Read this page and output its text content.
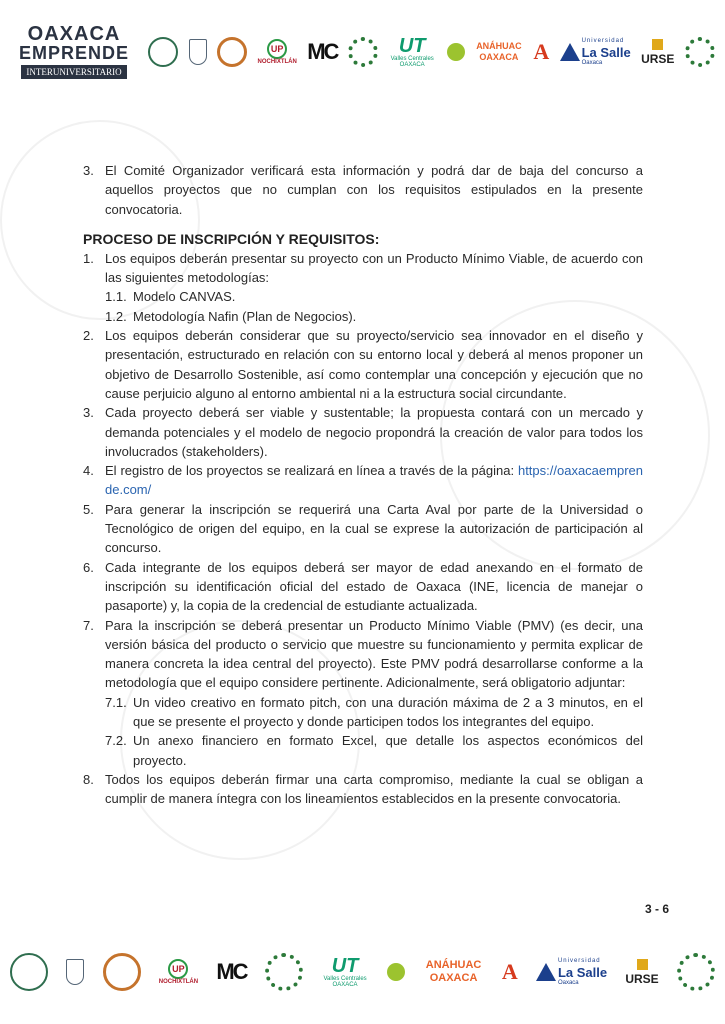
OAXACA
EMPRENDE
INTERUNIVERSITARIO
UP
NOCHIXTLÁN MC	UT
Valles Centrales OAXACA
ANÁHUAC OAXACA A	Universidad
La Salle
Oaxaca	URSE
3. El Comité Organizador verificará esta información y podrá dar de baja del concurso a aquellos proyectos que no cumplan con los requisitos estipulados en la presente convocatoria.
PROCESO DE INSCRIPCIÓN Y REQUISITOS:
1. Los equipos deberán presentar su proyecto con un Producto Mínimo Viable, de acuerdo con las siguientes metodologías:
1.1. Modelo CANVAS.
1.2. Metodología Nafin (Plan de Negocios).
2. Los equipos deberán considerar que su proyecto/servicio sea innovador en el diseño y presentación, estructurado en relación con su entorno local y deberá al menos proponer un objetivo de Desarrollo Sostenible, así como contemplar una concepción y ejecución que no cause perjuicio alguno al entorno ambiental ni a la estructura social circundante.
3. Cada proyecto deberá ser viable y sustentable; la propuesta contará con un mercado y demanda potenciales y el modelo de negocio propondrá la creación de valor para todos los involucrados (stakeholders).
4. El registro de los proyectos se realizará en línea a través de la página: https://oaxacaemprende.com/
5. Para generar la inscripción se requerirá una Carta Aval por parte de la Universidad o Tecnológico de origen del equipo, en la cual se exprese la autorización de participación al concurso.
6. Cada integrante de los equipos deberá ser mayor de edad anexando en el formato de inscripción su identificación oficial del estado de Oaxaca (INE, licencia de manejar o pasaporte) y, la copia de la credencial de estudiante actualizada.
7. Para la inscripción se deberá presentar un Producto Mínimo Viable (PMV) (es decir, una versión básica del producto o servicio que muestre su funcionamiento y permita explicar de manera concreta la idea central del proyecto). Este PMV podrá desarrollarse conforme a la metodología que el equipo considere pertinente. Adicionalmente, será obligatorio adjuntar:
7.1. Un video creativo en formato pitch, con una duración máxima de 2 a 3 minutos, en el que se presente el proyecto y donde participen todos los integrantes del equipo.
7.2. Un anexo financiero en formato Excel, que detalle los aspectos económicos del proyecto.
8. Todos los equipos deberán firmar una carta compromiso, mediante la cual se obligan a cumplir de manera íntegra con los lineamientos establecidos en la presente convocatoria.
3 - 6
UP
NOCHIXTLÁN MC	UT
Valles Centrales OAXACA
ANÁHUAC OAXACA A	Universidad
La Salle
Oaxaca	URSE
